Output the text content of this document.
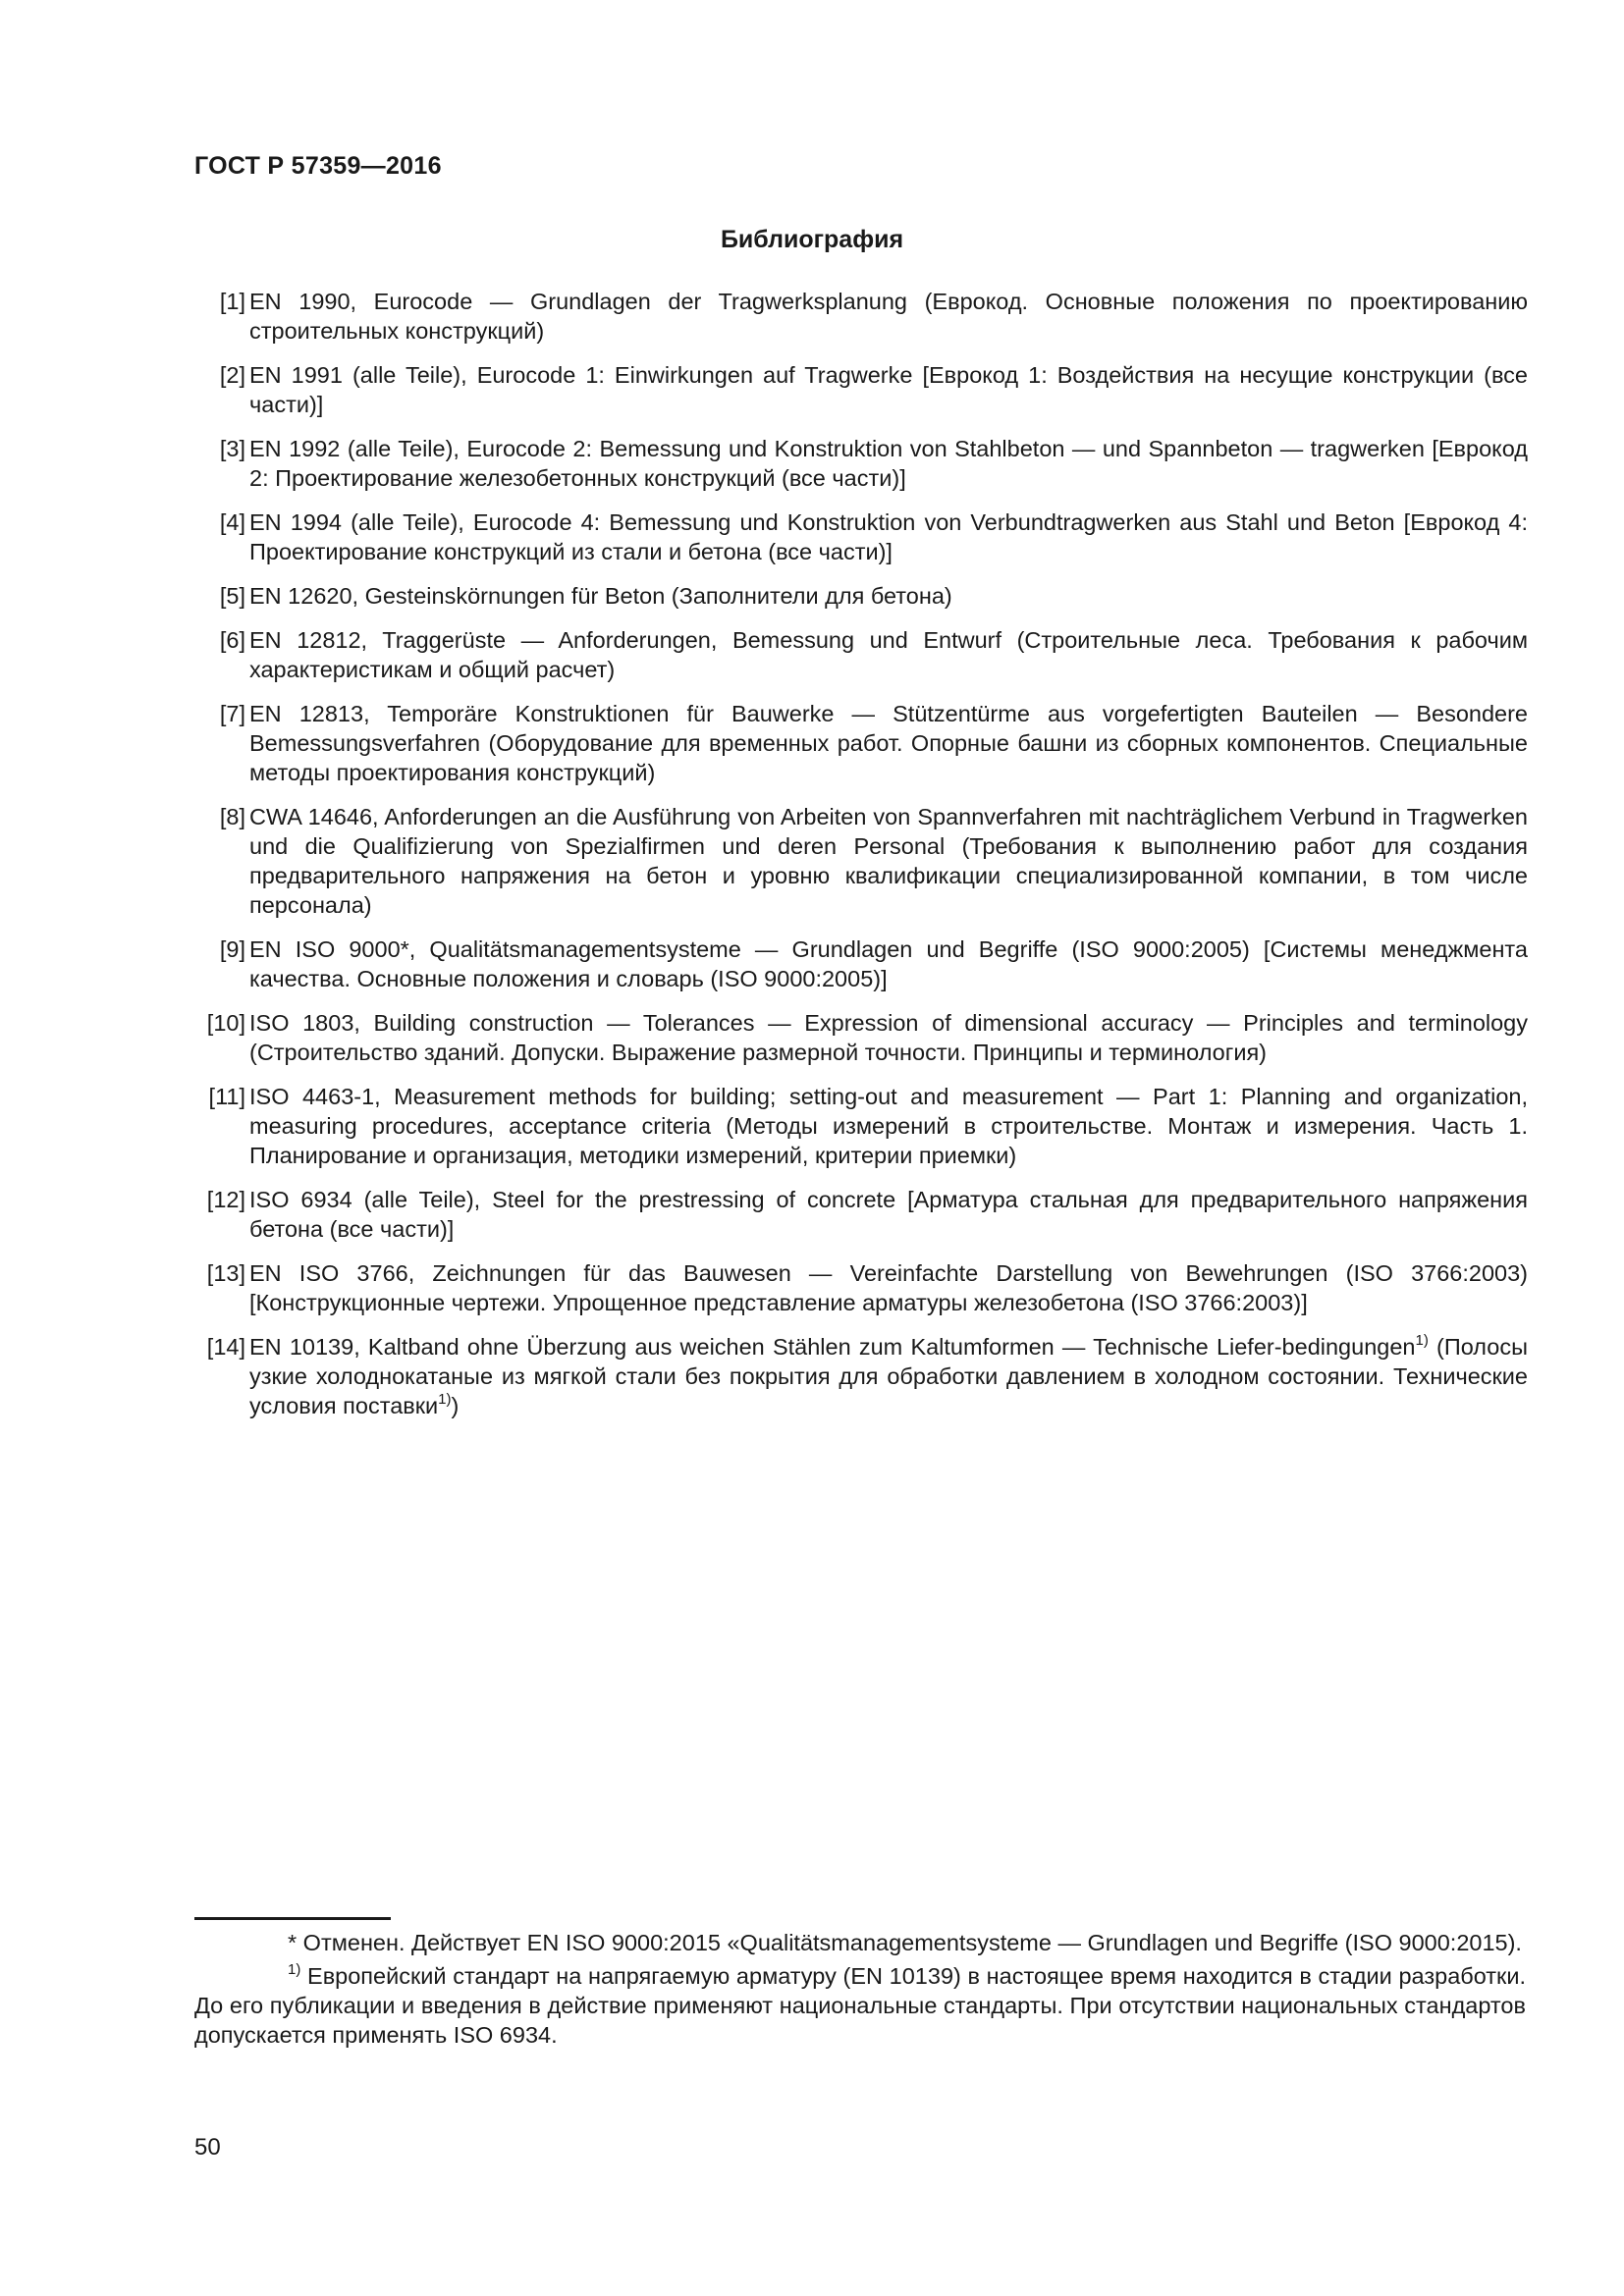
ГОСТ Р 57359—2016
Библиография
[1] EN 1990, Eurocode — Grundlagen der Tragwerksplanung (Еврокод. Основные положения по проектированию строительных конструкций)
[2] EN 1991 (alle Teile), Eurocode 1: Einwirkungen auf Tragwerke [Еврокод 1: Воздействия на несущие конструкции (все части)]
[3] EN 1992 (alle Teile), Eurocode 2: Bemessung und Konstruktion von Stahlbeton — und Spannbeton — tragwerken [Еврокод 2: Проектирование железобетонных конструкций (все части)]
[4] EN 1994 (alle Teile), Eurocode 4: Bemessung und Konstruktion von Verbundtragwerken aus Stahl und Beton [Еврокод 4: Проектирование конструкций из стали и бетона (все части)]
[5] EN 12620, Gesteinskörnungen für Beton (Заполнители для бетона)
[6] EN 12812, Traggerüste — Anforderungen, Bemessung und Entwurf (Строительные леса. Требования к рабочим характеристикам и общий расчет)
[7] EN 12813, Temporäre Konstruktionen für Bauwerke — Stützentürme aus vorgefertigten Bauteilen — Besondere Bemessungsverfahren (Оборудование для временных работ. Опорные башни из сборных компонентов. Специальные методы проектирования конструкций)
[8] CWA 14646, Anforderungen an die Ausführung von Arbeiten von Spannverfahren mit nachträglichem Verbund in Tragwerken und die Qualifizierung von Spezialfirmen und deren Personal (Требования к выполнению работ для создания предварительного напряжения на бетон и уровню квалификации специализированной компании, в том числе персонала)
[9] EN ISO 9000*, Qualitätsmanagementsysteme — Grundlagen und Begriffe (ISO 9000:2005) [Системы менеджмента качества. Основные положения и словарь (ISO 9000:2005)]
[10] ISO 1803, Building construction — Tolerances — Expression of dimensional accuracy — Principles and terminology (Строительство зданий. Допуски. Выражение размерной точности. Принципы и терминология)
[11] ISO 4463-1, Measurement methods for building; setting-out and measurement — Part 1: Planning and organization, measuring procedures, acceptance criteria (Методы измерений в строительстве. Монтаж и измерения. Часть 1. Планирование и организация, методики измерений, критерии приемки)
[12] ISO 6934 (alle Teile), Steel for the prestressing of concrete [Арматура стальная для предварительного напряжения бетона (все части)]
[13] EN ISO 3766, Zeichnungen für das Bauwesen — Vereinfachte Darstellung von Bewehrungen (ISO 3766:2003) [Конструкционные чертежи. Упрощенное представление арматуры железобетона (ISO 3766:2003)]
[14] EN 10139, Kaltband ohne Überzung aus weichen Stählen zum Kaltumformen — Technische Liefer-bedingungen$^{1)}$ (Полосы узкие холоднокатаные из мягкой стали без покрытия для обработки давлением в холодном состоянии. Технические условия поставки$^{1)}$)
* Отменен. Действует EN ISO 9000:2015 «Qualitätsmanagementsysteme — Grundlagen und Begriffe (ISO 9000:2015).
$^{1)}$ Европейский стандарт на напрягаемую арматуру (EN 10139) в настоящее время находится в стадии разработки. До его публикации и введения в действие применяют национальные стандарты. При отсутствии национальных стандартов допускается применять ISO 6934.
50
